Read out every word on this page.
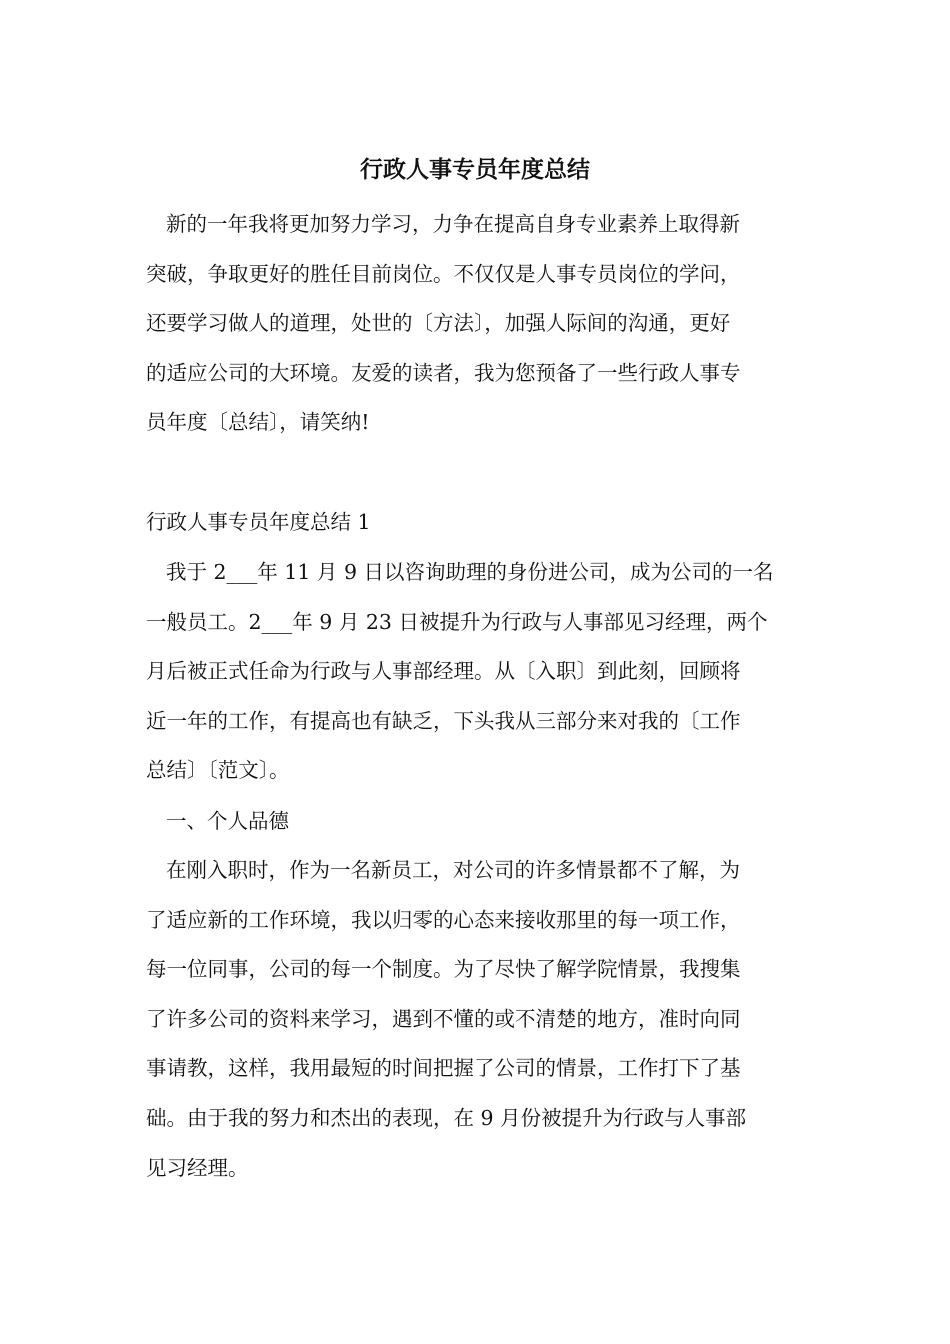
行政人事专员年度总结
新的一年我将更加努力学习，力争在提高自身专业素养上取得新
突破，争取更好的胜任目前岗位。不仅仅是人事专员岗位的学问，
还要学习做人的道理，处世的〔方法〕，加强人际间的沟通，更好
的适应公司的大环境。友爱的读者，我为您预备了一些行政人事专
员年度〔总结〕，请笑纳!
行政人事专员年度总结 1
我于 2___年 11 月 9 日以咨询助理的身份进公司，成为公司的一名
一般员工。2___年 9 月 23 日被提升为行政与人事部见习经理，两个
月后被正式任命为行政与人事部经理。从〔入职〕到此刻，回顾将
近一年的工作，有提高也有缺乏，下头我从三部分来对我的〔工作
总结〕〔范文〕。
一、个人品德
在刚入职时，作为一名新员工，对公司的许多情景都不了解，为
了适应新的工作环境，我以归零的心态来接收那里的每一项工作，
每一位同事，公司的每一个制度。为了尽快了解学院情景，我搜集
了许多公司的资料来学习，遇到不懂的或不清楚的地方，准时向同
事请教，这样，我用最短的时间把握了公司的情景，工作打下了基
础。由于我的努力和杰出的表现，在 9 月份被提升为行政与人事部
见习经理。
